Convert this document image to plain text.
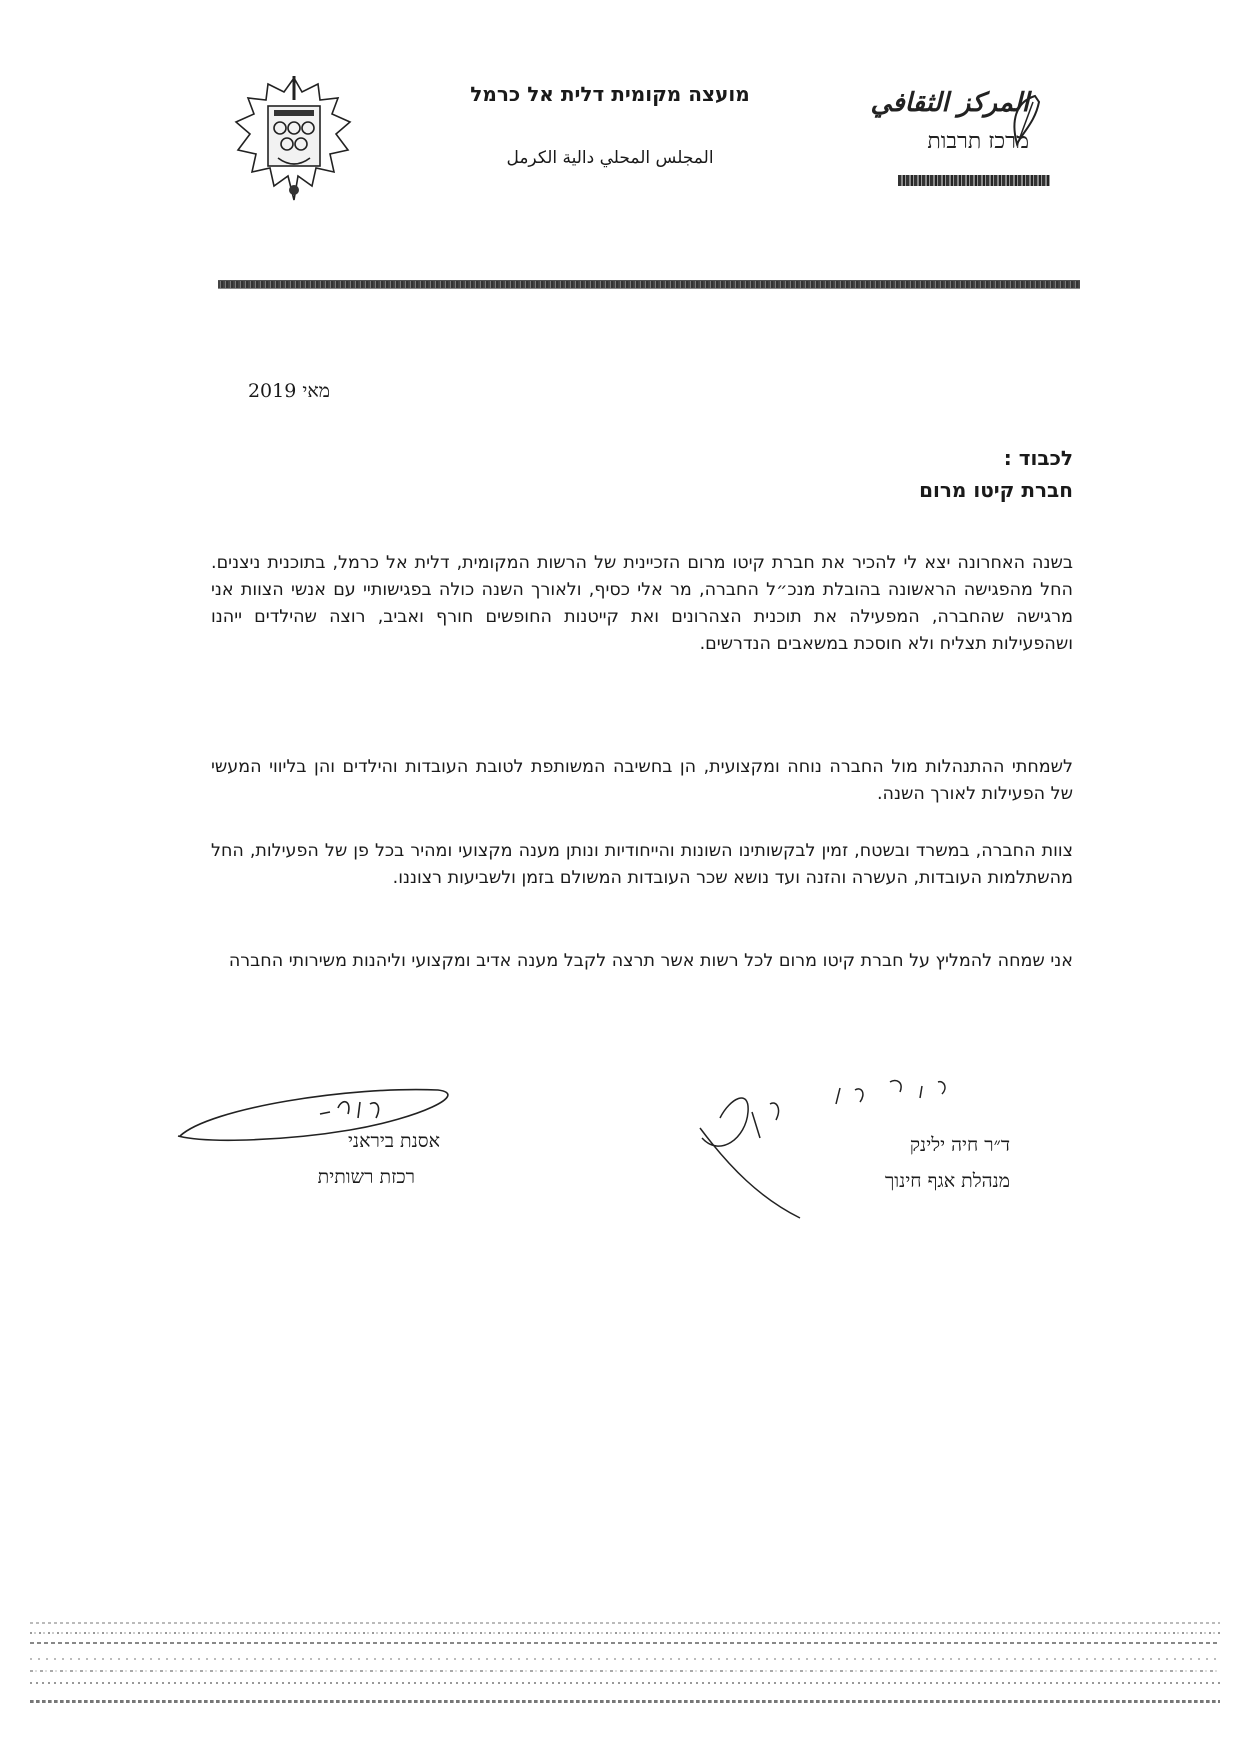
מועצה מקומית דלית אל כרמל
المجلس المحلي دالية الكرمل
المركز الثقافي
מרכז תרבות
מאי 2019
לכבוד :
חברת קיטו מרום
בשנה האחרונה יצא לי להכיר את חברת קיטו מרום הזכיינית של הרשות המקומית, דלית אל כרמל, בתוכנית ניצנים. החל מהפגישה הראשונה בהובלת מנכ״ל החברה, מר אלי כסיף, ולאורך השנה כולה בפגישותיי עם אנשי הצוות אני מרגישה שהחברה, המפעילה את תוכנית הצהרונים ואת קייטנות החופשים חורף ואביב, רוצה שהילדים ייהנו ושהפעילות תצליח ולא חוסכת במשאבים הנדרשים.
לשמחתי ההתנהלות מול החברה נוחה ומקצועית, הן בחשיבה המשותפת לטובת העובדות והילדים והן בליווי המעשי של הפעילות לאורך השנה.
צוות החברה, במשרד ובשטח, זמין לבקשותינו השונות והייחודיות ונותן מענה מקצועי ומהיר בכל פן של הפעילות, החל מהשתלמות העובדות, העשרה והזנה ועד נושא שכר העובדות המשולם בזמן ולשביעות רצוננו.
אני שמחה להמליץ על חברת קיטו מרום לכל רשות אשר תרצה לקבל מענה אדיב ומקצועי וליהנות משירותי החברה
אסנת ביראני
רכזת רשותית
ד״ר חיה ילינק
מנהלת אגף חינוך
